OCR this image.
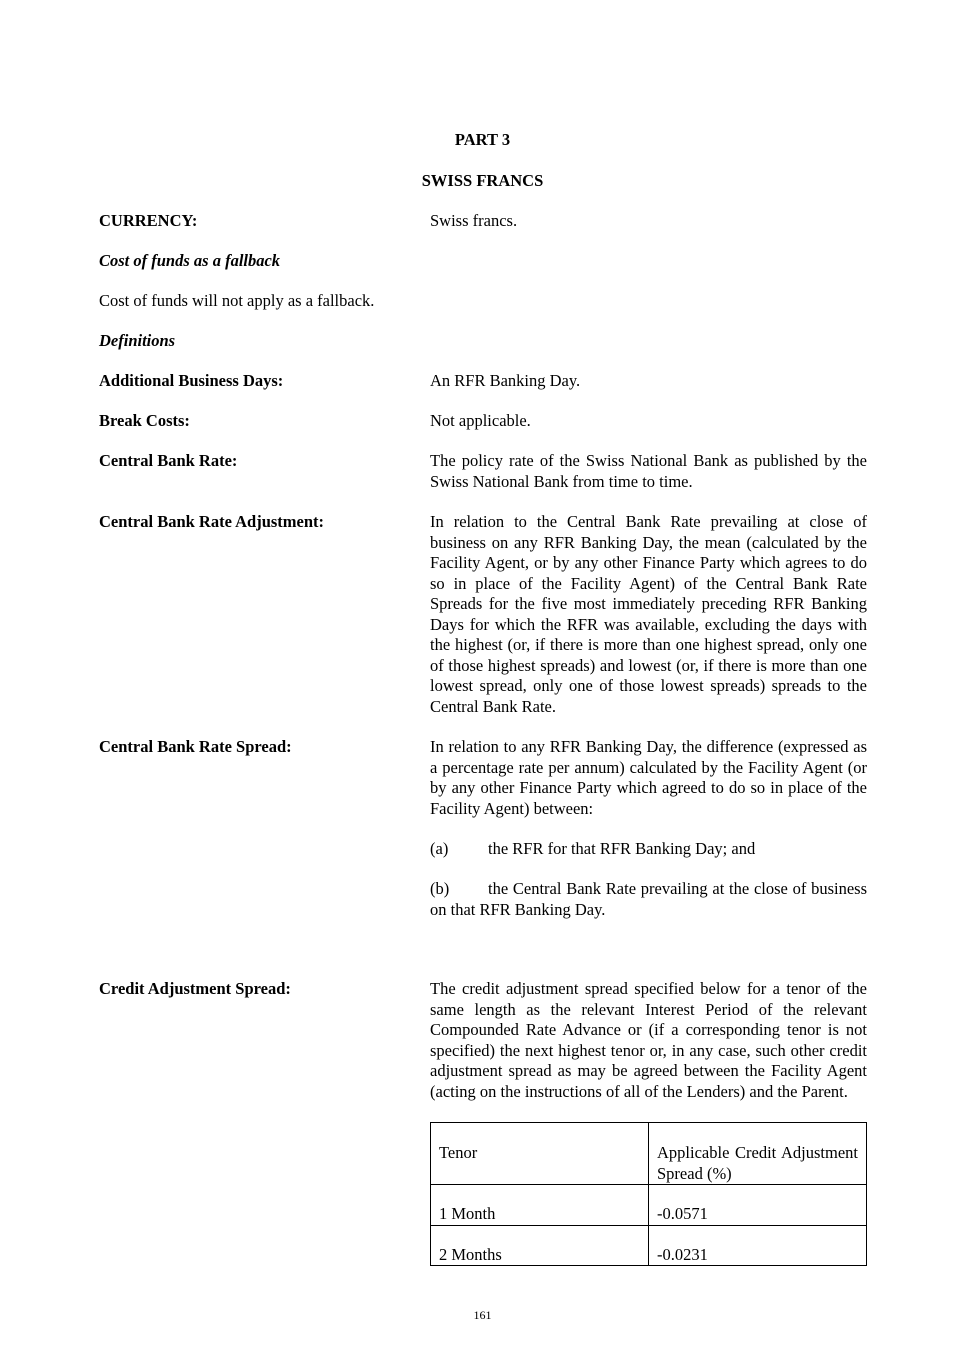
PART 3
SWISS FRANCS
CURRENCY:	Swiss francs.
Cost of funds as a fallback
Cost of funds will not apply as a fallback.
Definitions
Additional Business Days:	An RFR Banking Day.
Break Costs:	Not applicable.
Central Bank Rate:	The policy rate of the Swiss National Bank as published by the Swiss National Bank from time to time.
Central Bank Rate Adjustment:	In relation to the Central Bank Rate prevailing at close of business on any RFR Banking Day, the mean (calculated by the Facility Agent, or by any other Finance Party which agrees to do so in place of the Facility Agent) of the Central Bank Rate Spreads for the five most immediately preceding RFR Banking Days for which the RFR was available, excluding the days with the highest (or, if there is more than one highest spread, only one of those highest spreads) and lowest (or, if there is more than one lowest spread, only one of those lowest spreads) spreads to the Central Bank Rate.
Central Bank Rate Spread:	In relation to any RFR Banking Day, the difference (expressed as a percentage rate per annum) calculated by the Facility Agent (or by any other Finance Party which agreed to do so in place of the Facility Agent) between:
(a) the RFR for that RFR Banking Day; and
(b) the Central Bank Rate prevailing at the close of business on that RFR Banking Day.
Credit Adjustment Spread:	The credit adjustment spread specified below for a tenor of the same length as the relevant Interest Period of the relevant Compounded Rate Advance or (if a corresponding tenor is not specified) the next highest tenor or, in any case, such other credit adjustment spread as may be agreed between the Facility Agent (acting on the instructions of all of the Lenders) and the Parent.
Tenor	Applicable Credit Adjustment Spread (%)
1 Month	-0.0571
2 Months	-0.0231
161
